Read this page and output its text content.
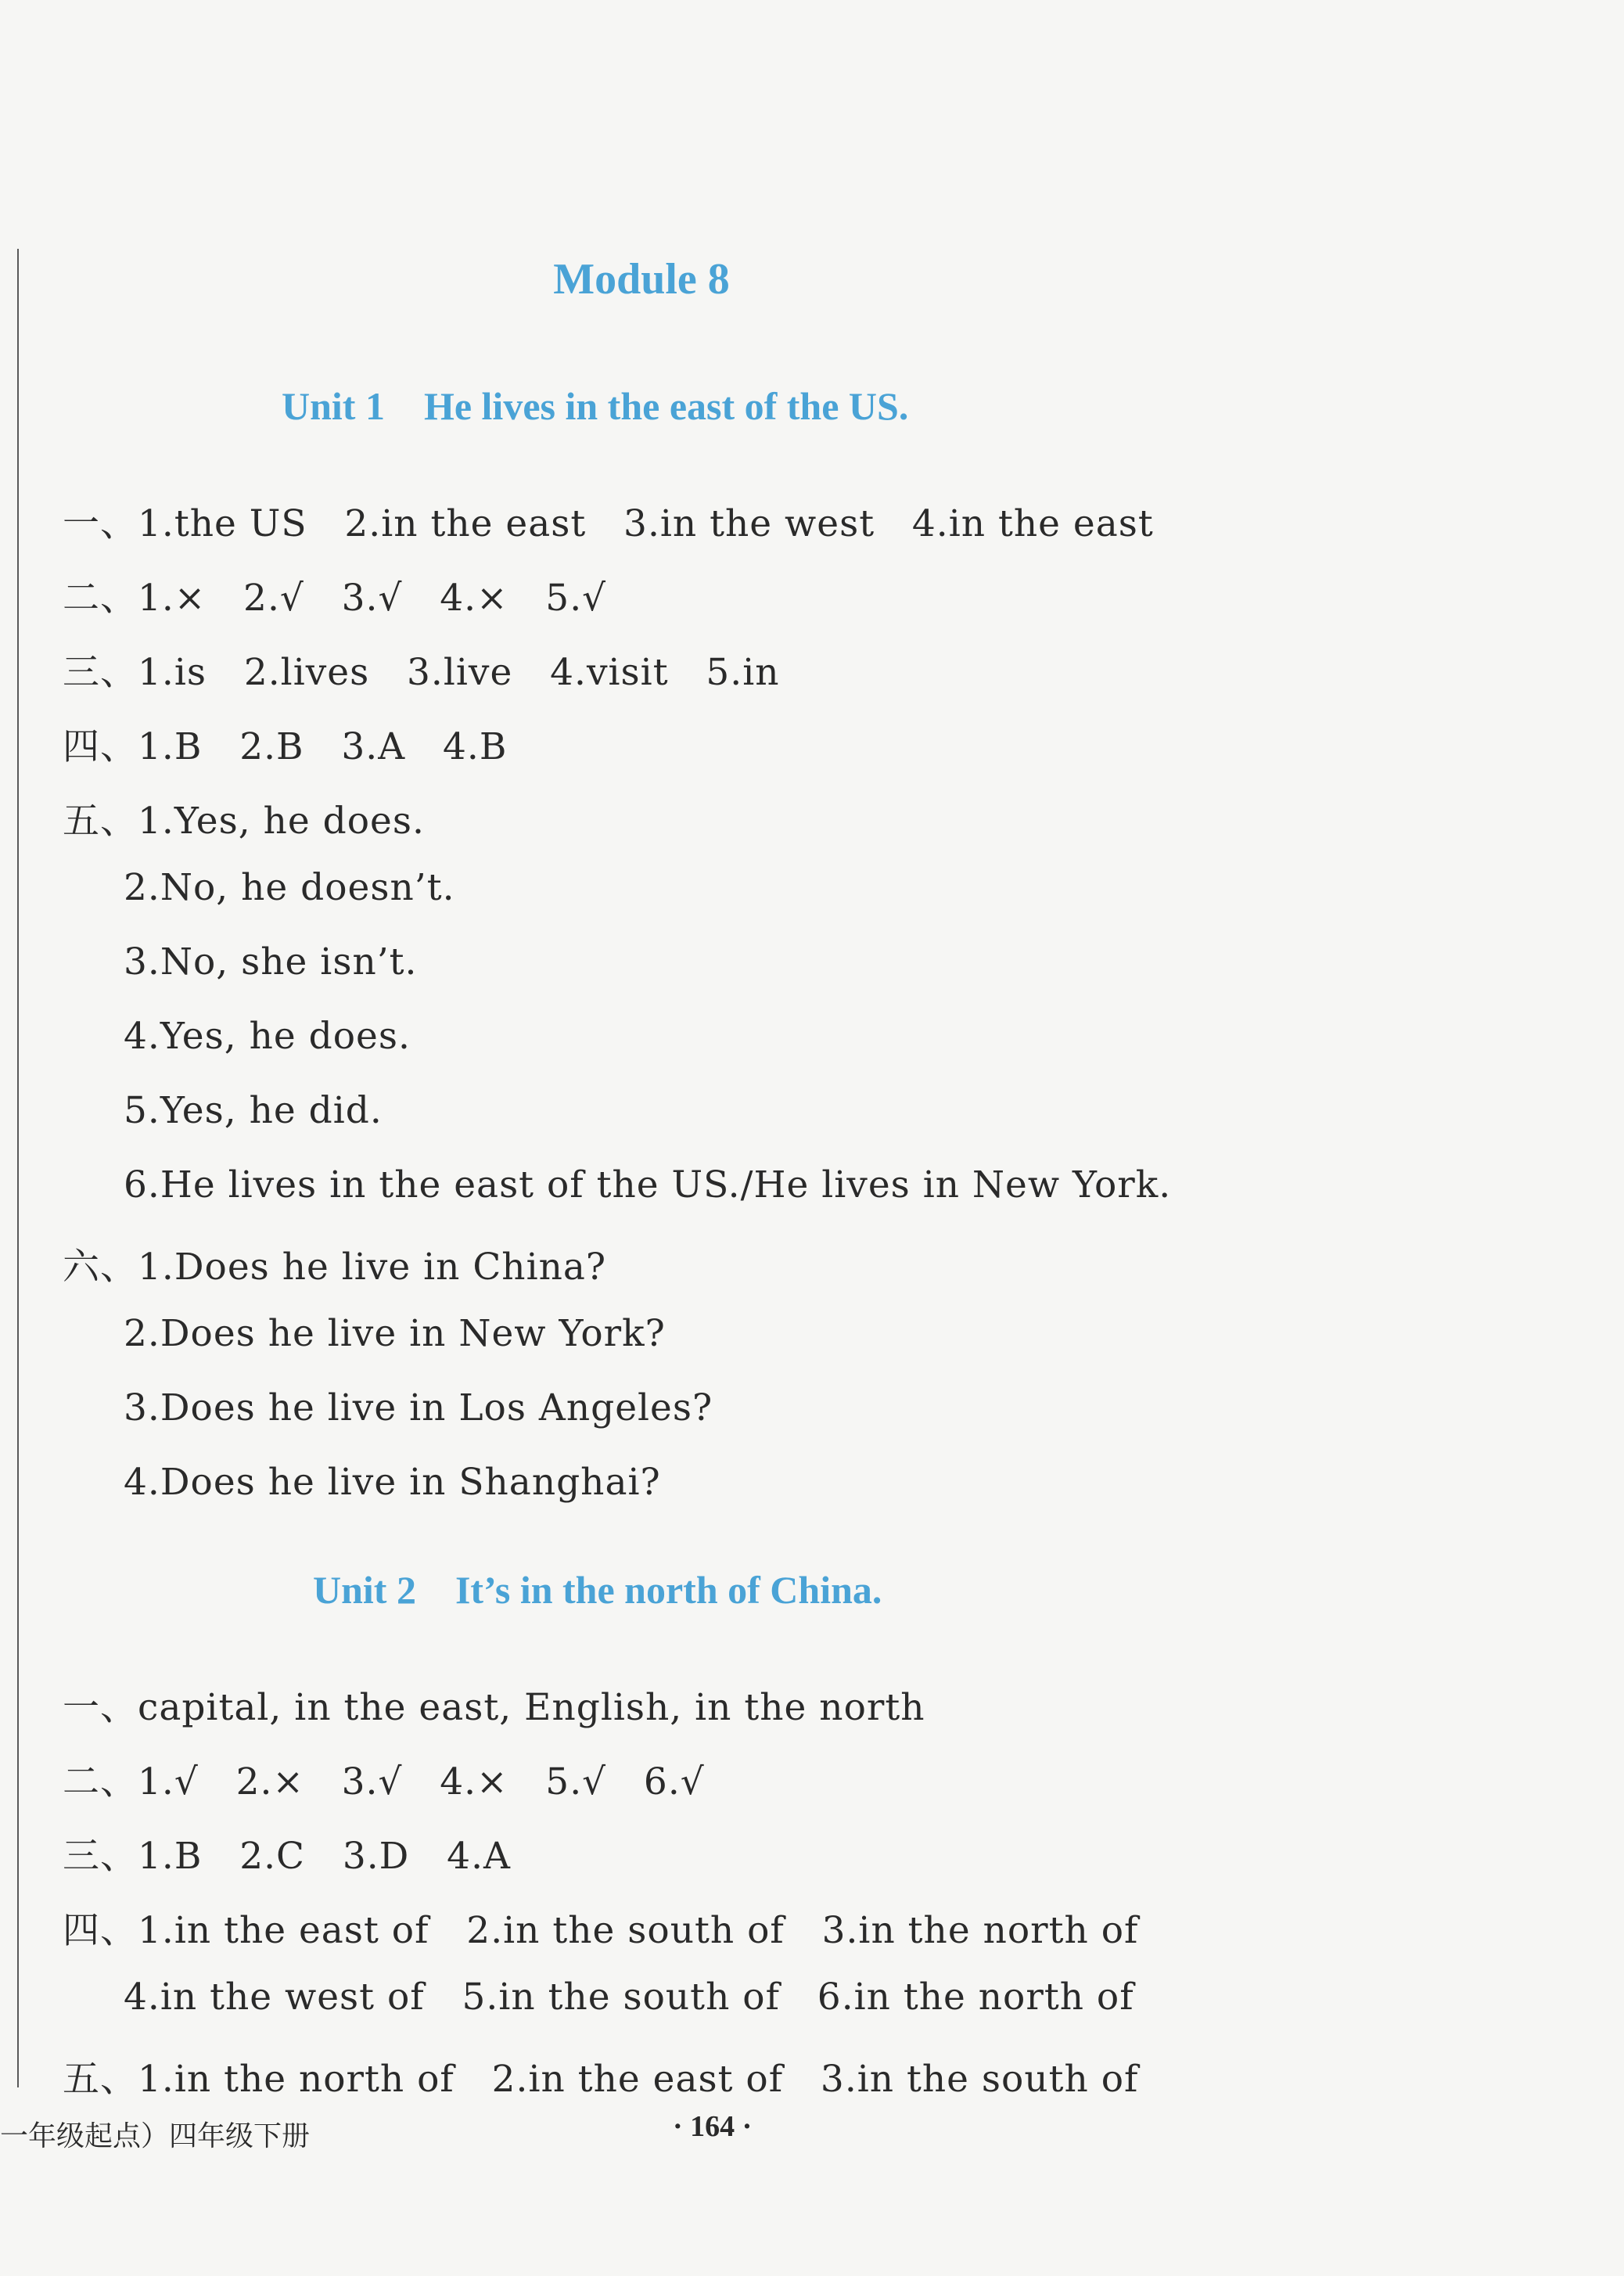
Module 8
Unit 1    He lives in the east of the US.
一、1.the US   2.in the east   3.in the west   4.in the east
二、1.×   2.√   3.√   4.×   5.√
三、1.is   2.lives   3.live   4.visit   5.in
四、1.B   2.B   3.A   4.B
五、1.Yes, he does.
2.No, he doesn’t.
3.No, she isn’t.
4.Yes, he does.
5.Yes, he did.
6.He lives in the east of the US./He lives in New York.
六、1.Does he live in China?
2.Does he live in New York?
3.Does he live in Los Angeles?
4.Does he live in Shanghai?
Unit 2    It’s in the north of China.
一、capital, in the east, English, in the north
二、1.√   2.×   3.√   4.×   5.√   6.√
三、1.B   2.C   3.D   4.A
四、1.in the east of   2.in the south of   3.in the north of
4.in the west of   5.in the south of   6.in the north of
五、1.in the north of   2.in the east of   3.in the south of
一年级起点）四年级下册	· 164 ·
